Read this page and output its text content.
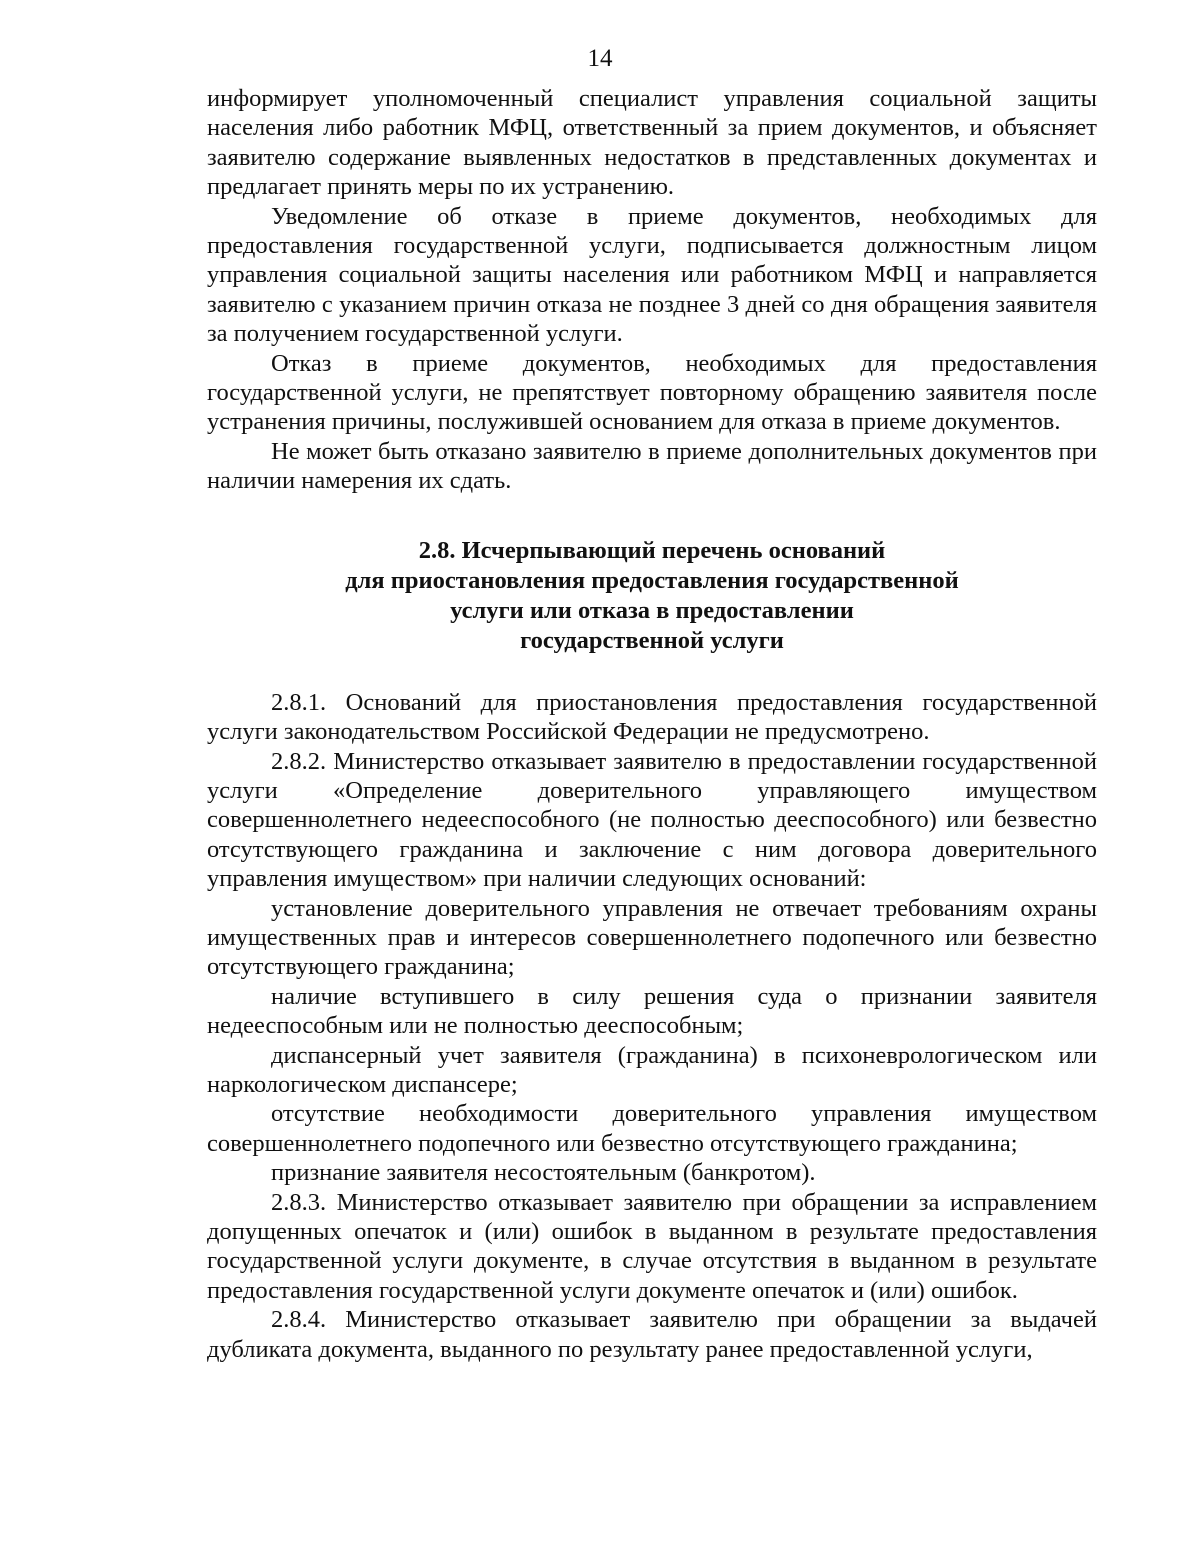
14

информирует уполномоченный специалист управления социальной защиты населения либо работник МФЦ, ответственный за прием документов, и объясняет заявителю содержание выявленных недостатков в представленных документах и предлагает принять меры по их устранению.

Уведомление об отказе в приеме документов, необходимых для предоставления государственной услуги, подписывается должностным лицом управления социальной защиты населения или работником МФЦ и направляется заявителю с указанием причин отказа не позднее 3 дней со дня обращения заявителя за получением государственной услуги.

Отказ в приеме документов, необходимых для предоставления государственной услуги, не препятствует повторному обращению заявителя после устранения причины, послужившей основанием для отказа в приеме документов.

Не может быть отказано заявителю в приеме дополнительных документов при наличии намерения их сдать.

2.8. Исчерпывающий перечень оснований
для приостановления предоставления государственной
услуги или отказа в предоставлении
государственной услуги

2.8.1. Оснований для приостановления предоставления государственной услуги законодательством Российской Федерации не предусмотрено.

2.8.2. Министерство отказывает заявителю в предоставлении государственной услуги «Определение доверительного управляющего имуществом совершеннолетнего недееспособного (не полностью дееспособного) или безвестно отсутствующего гражданина и заключение с ним договора доверительного управления имуществом» при наличии следующих оснований:

установление доверительного управления не отвечает требованиям охраны имущественных прав и интересов совершеннолетнего подопечного или безвестно отсутствующего гражданина;

наличие вступившего в силу решения суда о признании заявителя недееспособным или не полностью дееспособным;

диспансерный учет заявителя (гражданина) в психоневрологическом или наркологическом диспансере;

отсутствие необходимости доверительного управления имуществом совершеннолетнего подопечного или безвестно отсутствующего гражданина;

признание заявителя несостоятельным (банкротом).

2.8.3. Министерство отказывает заявителю при обращении за исправлением допущенных опечаток и (или) ошибок в выданном в результате предоставления государственной услуги документе, в случае отсутствия в выданном в результате предоставления государственной услуги документе опечаток и (или) ошибок.

2.8.4. Министерство отказывает заявителю при обращении за выдачей дубликата документа, выданного по результату ранее предоставленной услуги,
